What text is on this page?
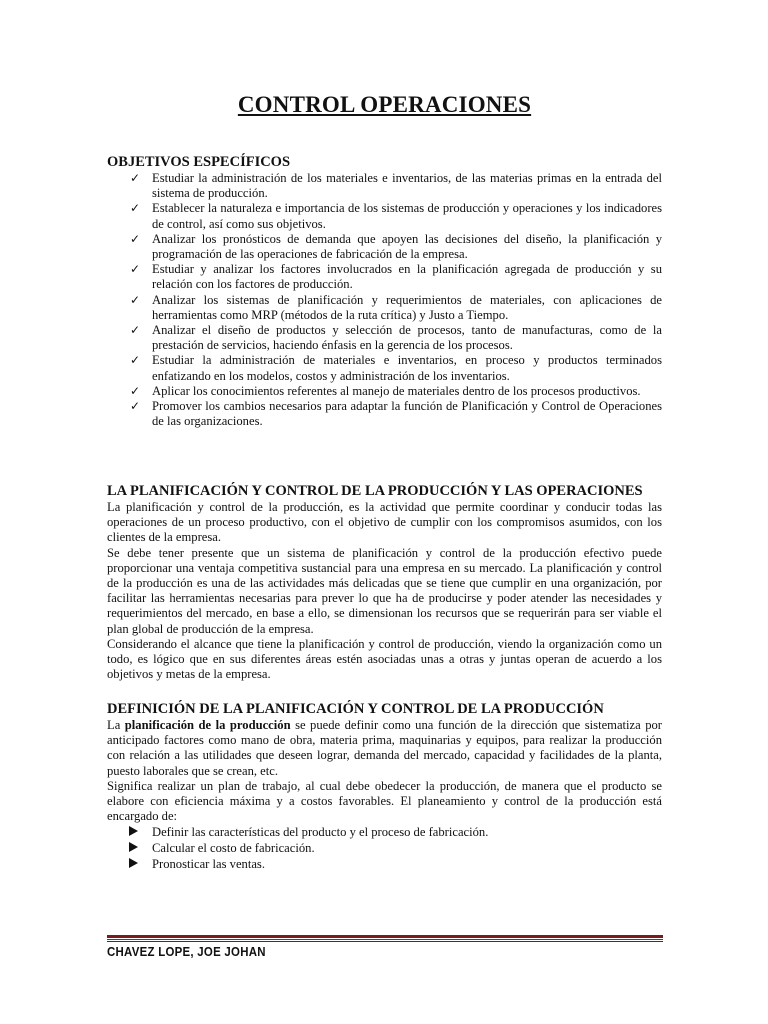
CONTROL OPERACIONES
OBJETIVOS ESPECÍFICOS
✓ Estudiar la administración de los materiales e inventarios, de las materias primas en la entrada del sistema de producción.
✓ Establecer la naturaleza e importancia de los sistemas de producción y operaciones y los indicadores de control, así como sus objetivos.
✓ Analizar los pronósticos de demanda que apoyen las decisiones del diseño, la planificación y programación de las operaciones de fabricación de la empresa.
✓ Estudiar y analizar los factores involucrados en la planificación agregada de producción y su relación con los factores de producción.
✓ Analizar los sistemas de planificación y requerimientos de materiales, con aplicaciones de herramientas como MRP (métodos de la ruta crítica) y Justo a Tiempo.
✓ Analizar el diseño de productos y selección de procesos, tanto de manufacturas, como de la prestación de servicios, haciendo énfasis en la gerencia de los procesos.
✓ Estudiar la administración de materiales e inventarios, en proceso y productos terminados enfatizando en los modelos, costos y administración de los inventarios.
✓ Aplicar los conocimientos referentes al manejo de materiales dentro de los procesos productivos.
✓ Promover los cambios necesarios para adaptar la función de Planificación y Control de Operaciones de las organizaciones.
LA PLANIFICACIÓN Y CONTROL DE LA PRODUCCIÓN Y LAS OPERACIONES
La planificación y control de la producción, es la actividad que permite coordinar y conducir todas las operaciones de un proceso productivo, con el objetivo de cumplir con los compromisos asumidos, con los clientes de la empresa.
Se debe tener presente que un sistema de planificación y control de la producción efectivo puede proporcionar una ventaja competitiva sustancial para una empresa en su mercado. La planificación y control de la producción es una de las actividades más delicadas que se tiene que cumplir en una organización, por facilitar las herramientas necesarias para prever lo que ha de producirse y poder atender las necesidades y requerimientos del mercado, en base a ello, se dimensionan los recursos que se requerirán para ser viable el plan global de producción de la empresa.
Considerando el alcance que tiene la planificación y control de producción, viendo la organización como un todo, es lógico que en sus diferentes áreas estén asociadas unas a otras y juntas operan de acuerdo a los objetivos y metas de la empresa.
DEFINICIÓN DE LA PLANIFICACIÓN Y CONTROL DE LA PRODUCCIÓN
La planificación de la producción se puede definir como una función de la dirección que sistematiza por anticipado factores como mano de obra, materia prima, maquinarias y equipos, para realizar la producción con relación a las utilidades que deseen lograr, demanda del mercado, capacidad y facilidades de la planta, puesto laborales que se crean, etc.
Significa realizar un plan de trabajo, al cual debe obedecer la producción, de manera que el producto se elabore con eficiencia máxima y a costos favorables. El planeamiento y control de la producción está encargado de:
Definir las características del producto y el proceso de fabricación.
Calcular el costo de fabricación.
Pronosticar las ventas.
CHAVEZ LOPE, JOE JOHAN
